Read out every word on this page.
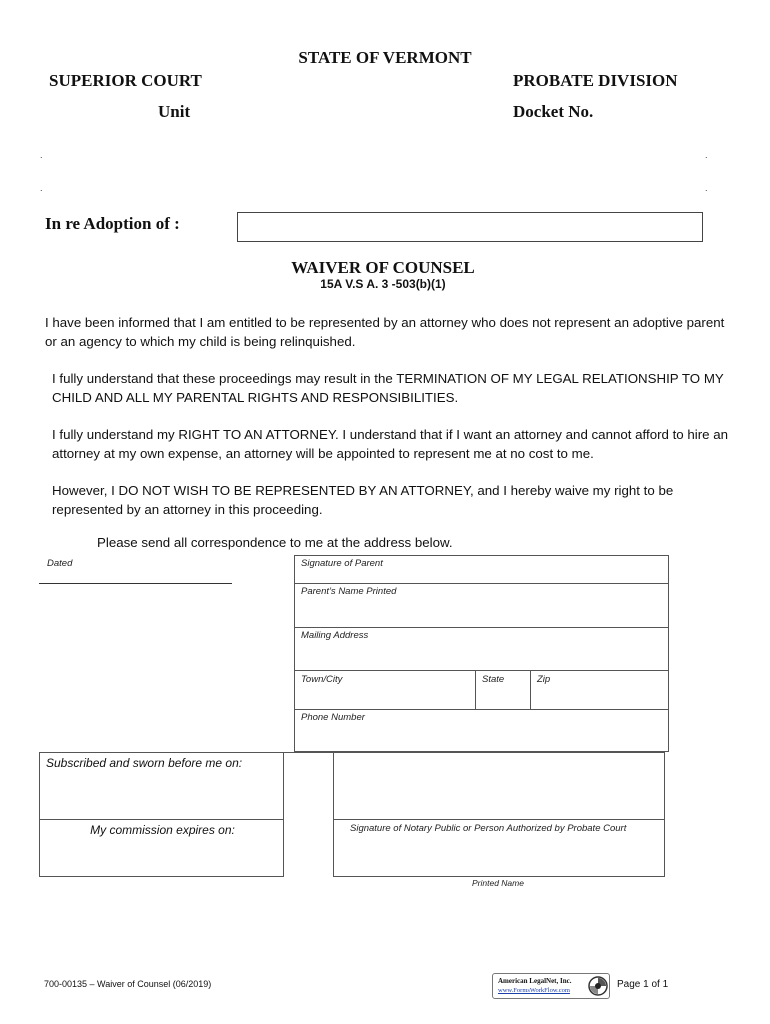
STATE OF VERMONT
SUPERIOR COURT
Unit
PROBATE DIVISION
Docket No.
.	.
.	.
In re Adoption of :
WAIVER OF COUNSEL
15A V.S A. 3 -503(b)(1)
I have been informed that I am entitled to be represented by an attorney who does not represent an adoptive parent or an agency to which my child is being relinquished.
I fully understand that these proceedings may result in the TERMINATION OF MY LEGAL RELATIONSHIP TO MY CHILD AND ALL MY PARENTAL RIGHTS AND RESPONSIBILITIES.
I fully understand my RIGHT TO AN ATTORNEY. I understand that if I want an attorney and cannot afford to hire an attorney at my own expense, an attorney will be appointed to represent me at no cost to me.
However, I DO NOT WISH TO BE REPRESENTED BY AN ATTORNEY, and I hereby waive my right to be represented by an attorney in this proceeding.
Please send all correspondence to me at the address below.
Dated	Signature of Parent
Parent’s Name Printed
Mailing Address
Town/City	State	Zip
Phone Number
Subscribed and sworn before me on:
My commission expires on:	Signature of Notary Public or Person Authorized by Probate Court
Printed Name
700-00135 – Waiver of Counsel (06/2019)	American LegalNet, Inc.
www.FormsWorkFlow.com
Page 1 of 1
